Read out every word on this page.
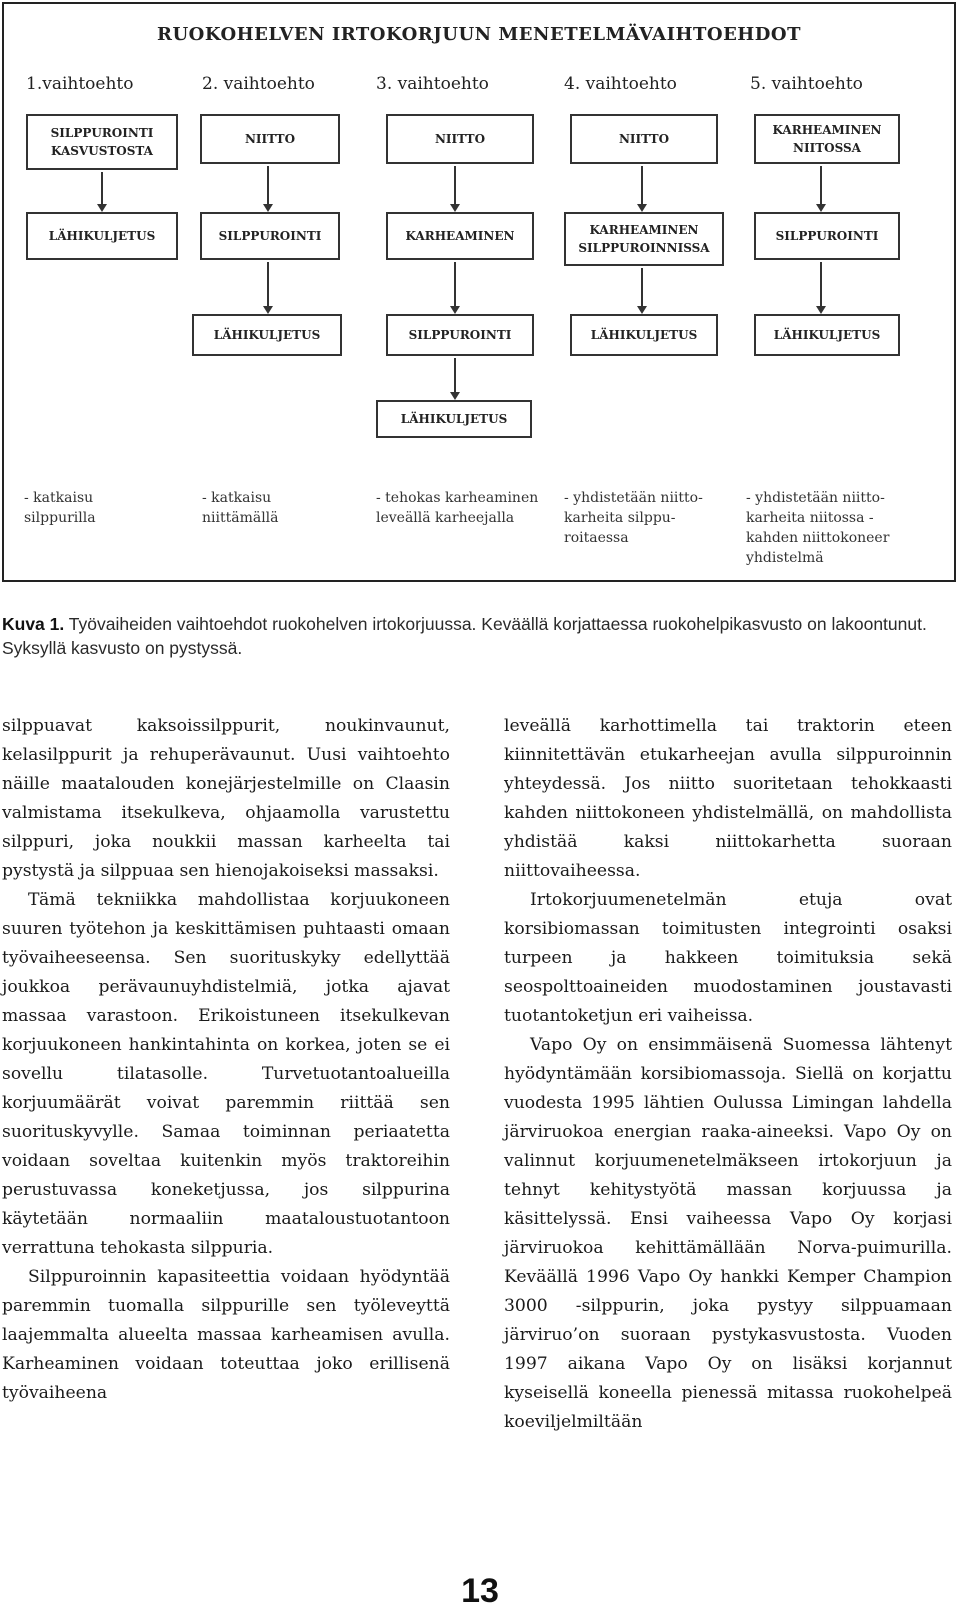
RUOKOHELVEN IRTOKORJUUN MENETELMÄVAIHTOEHDOT
1.vaihtoehto	2. vaihtoehto	3. vaihtoehto	4. vaihtoehto	5. vaihtoehto
SILPPUROINTI KASVUSTOSTA
LÄHIKULJETUS
NIITTO
SILPPUROINTI
LÄHIKULJETUS
NIITTO
KARHEAMINEN
SILPPUROINTI
LÄHIKULJETUS
NIITTO
KARHEAMINEN SILPPUROINNISSA
LÄHIKULJETUS
KARHEAMINEN NIITOSSA
SILPPUROINTI
LÄHIKULJETUS
- katkaisu silppurilla
- katkaisu niittämällä
- tehokas karheaminen leveällä karheejalla
- yhdistetään niitto-karheita silppu-roitaessa
- yhdistetään niitto-karheita niitossa - kahden niittokoneer yhdistelmä
Kuva 1. Työvaiheiden vaihtoehdot ruokohelven irtokorjuussa. Keväällä korjattaessa ruokohelpikasvusto on lakoontunut. Syksyllä kasvusto on pystyssä.

silppuavat kaksoissilppurit, noukinvaunut, kelasilppurit ja rehuperävaunut. Uusi vaihtoehto näille maatalouden konejärjestelmille on Claasin valmistama itsekulkeva, ohjaamolla varustettu silppuri, joka noukkii massan karheelta tai pystystä ja silppuaa sen hienojakoiseksi massaksi.

Tämä tekniikka mahdollistaa korjuukoneen suuren työtehon ja keskittämisen puhtaasti omaan työvaiheeseensa. Sen suorituskyky edellyttää joukkoa perävaunuyhdistelmiä, jotka ajavat massaa varastoon. Erikoistuneen itsekulkevan korjuukoneen hankintahinta on korkea, joten se ei sovellu tilatasolle. Turvetuotantoalueilla korjuumäärät voivat paremmin riittää sen suorituskyvylle. Samaa toiminnan periaatetta voidaan soveltaa kuitenkin myös traktoreihin perustuvassa koneketjussa, jos silppurina käytetään normaaliin maataloustuotantoon verrattuna tehokasta silppuria.

Silppuroinnin kapasiteettia voidaan hyödyntää paremmin tuomalla silppurille sen työleveyttä laajemmalta alueelta massaa karheamisen avulla. Karheaminen voidaan toteuttaa joko erillisenä työvaiheena

leveällä karhottimella tai traktorin eteen kiinnitettävän etukarheejan avulla silppuroinnin yhteydessä. Jos niitto suoritetaan tehokkaasti kahden niittokoneen yhdistelmällä, on mahdollista yhdistää kaksi niittokarhetta suoraan niittovaiheessa.

Irtokorjuumenetelmän etuja ovat korsibiomassan toimitusten integrointi osaksi turpeen ja hakkeen toimituksia sekä seospolttoaineiden muodostaminen joustavasti tuotantoketjun eri vaiheissa.

Vapo Oy on ensimmäisenä Suomessa lähtenyt hyödyntämään korsibiomassoja. Siellä on korjattu vuodesta 1995 lähtien Oulussa Limingan lahdella järviruokoa energian raaka-aineeksi. Vapo Oy on valinnut korjuumenetelmäkseen irtokorjuun ja tehnyt kehitystyötä massan korjuussa ja käsittelyssä. Ensi vaiheessa Vapo Oy korjasi järviruokoa kehittämällään Norva-puimurilla. Keväällä 1996 Vapo Oy hankki Kemper Champion 3000 -silppurin, joka pystyy silppuamaan järviruo’on suoraan pystykasvustosta. Vuoden 1997 aikana Vapo Oy on lisäksi korjannut kyseisellä koneella pienessä mitassa ruokohelpeä koeviljelmiltään

13
